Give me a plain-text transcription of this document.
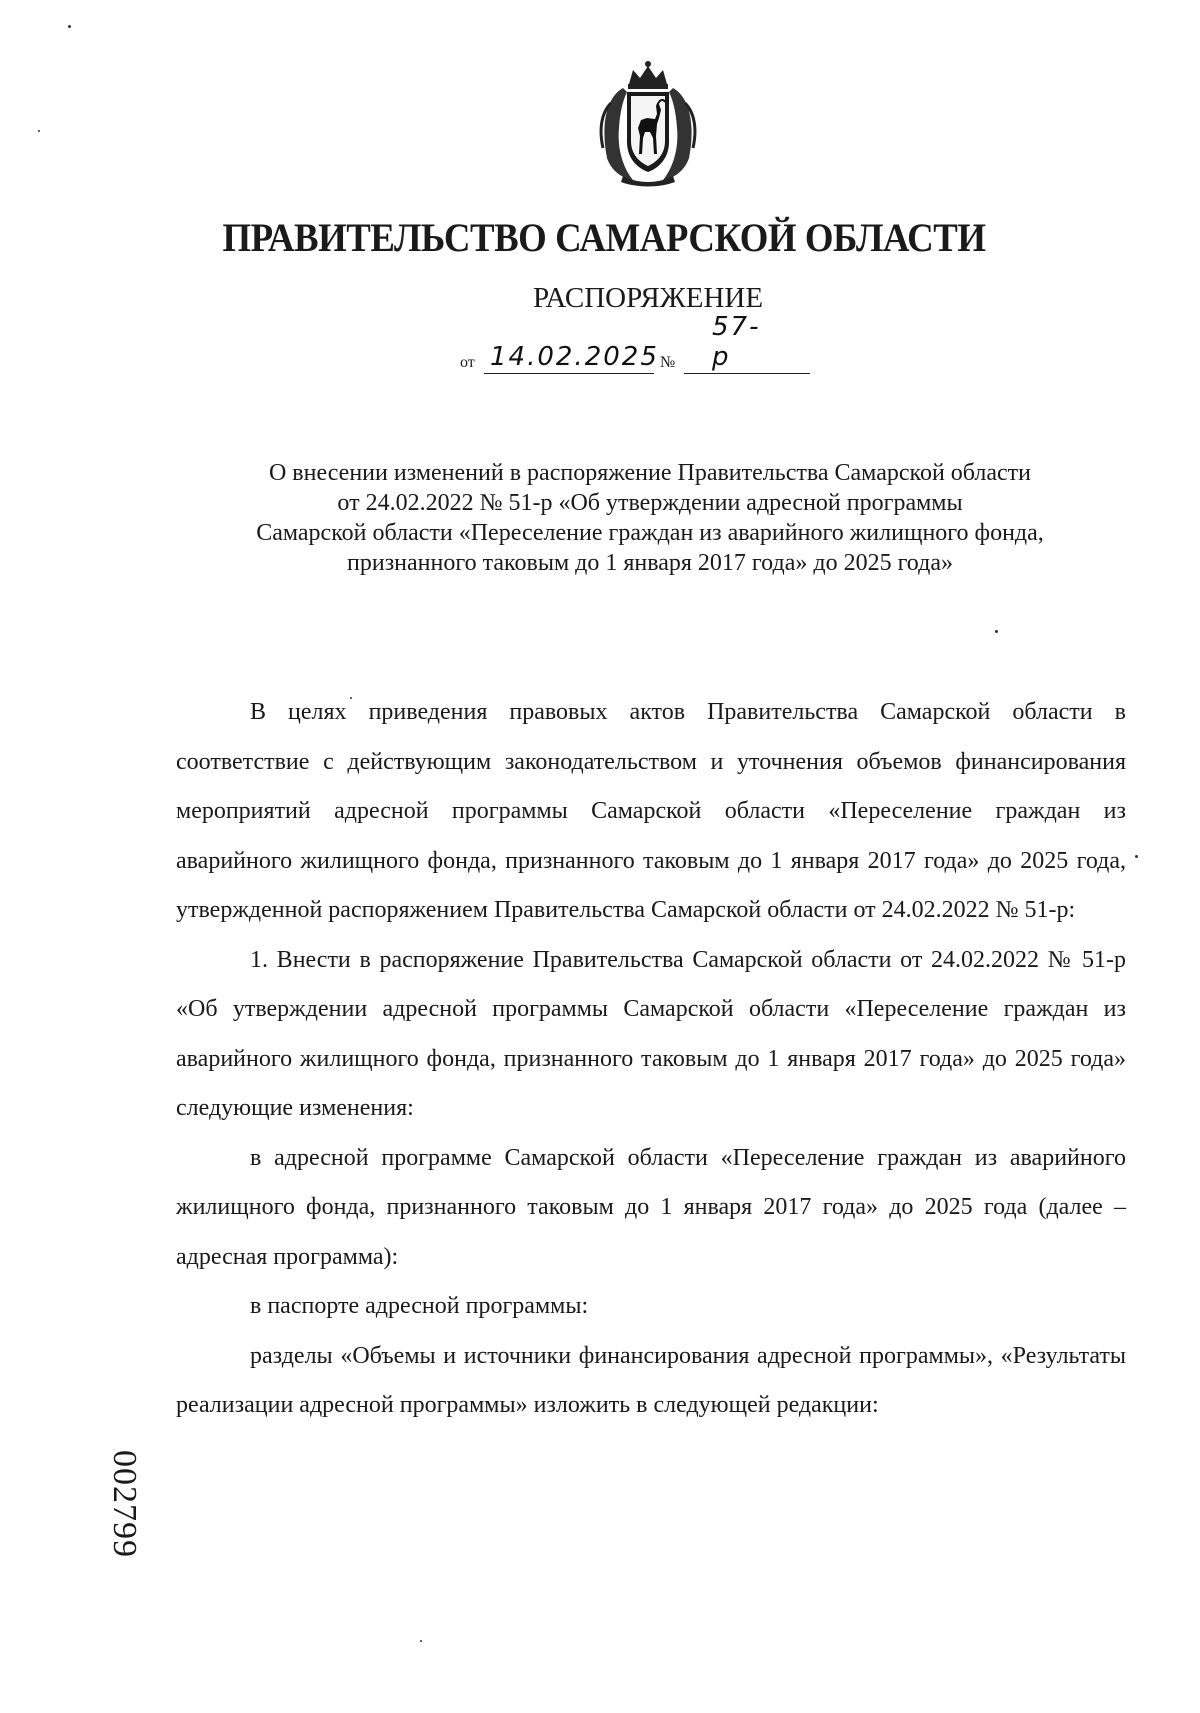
ПРАВИТЕЛЬСТВО САМАРСКОЙ ОБЛАСТИ
РАСПОРЯЖЕНИЕ
от 14.02.2025 №
57-р
О внесении изменений в распоряжение Правительства Самарской области
от 24.02.2022 № 51-р «Об утверждении адресной программы
Самарской области «Переселение граждан из аварийного жилищного фонда,
признанного таковым до 1 января 2017 года» до 2025 года»

В целях приведения правовых актов Правительства Самарской области в соответствие с действующим законодательством и уточнения объемов финансирования мероприятий адресной программы Самарской области «Переселение граждан из аварийного жилищного фонда, признанного таковым до 1 января 2017 года» до 2025 года, утвержденной распоряжением Правительства Самарской области от 24.02.2022 № 51-р:

1. Внести в распоряжение Правительства Самарской области от 24.02.2022 № 51-р «Об утверждении адресной программы Самарской области «Переселение граждан из аварийного жилищного фонда, признанного таковым до 1 января 2017 года» до 2025 года» следующие изменения:

в адресной программе Самарской области «Переселение граждан из аварийного жилищного фонда, признанного таковым до 1 января 2017 года» до 2025 года (далее – адресная программа):

в паспорте адресной программы:

разделы «Объемы и источники финансирования адресной программы», «Результаты реализации адресной программы» изложить в следующей редакции:

002799
